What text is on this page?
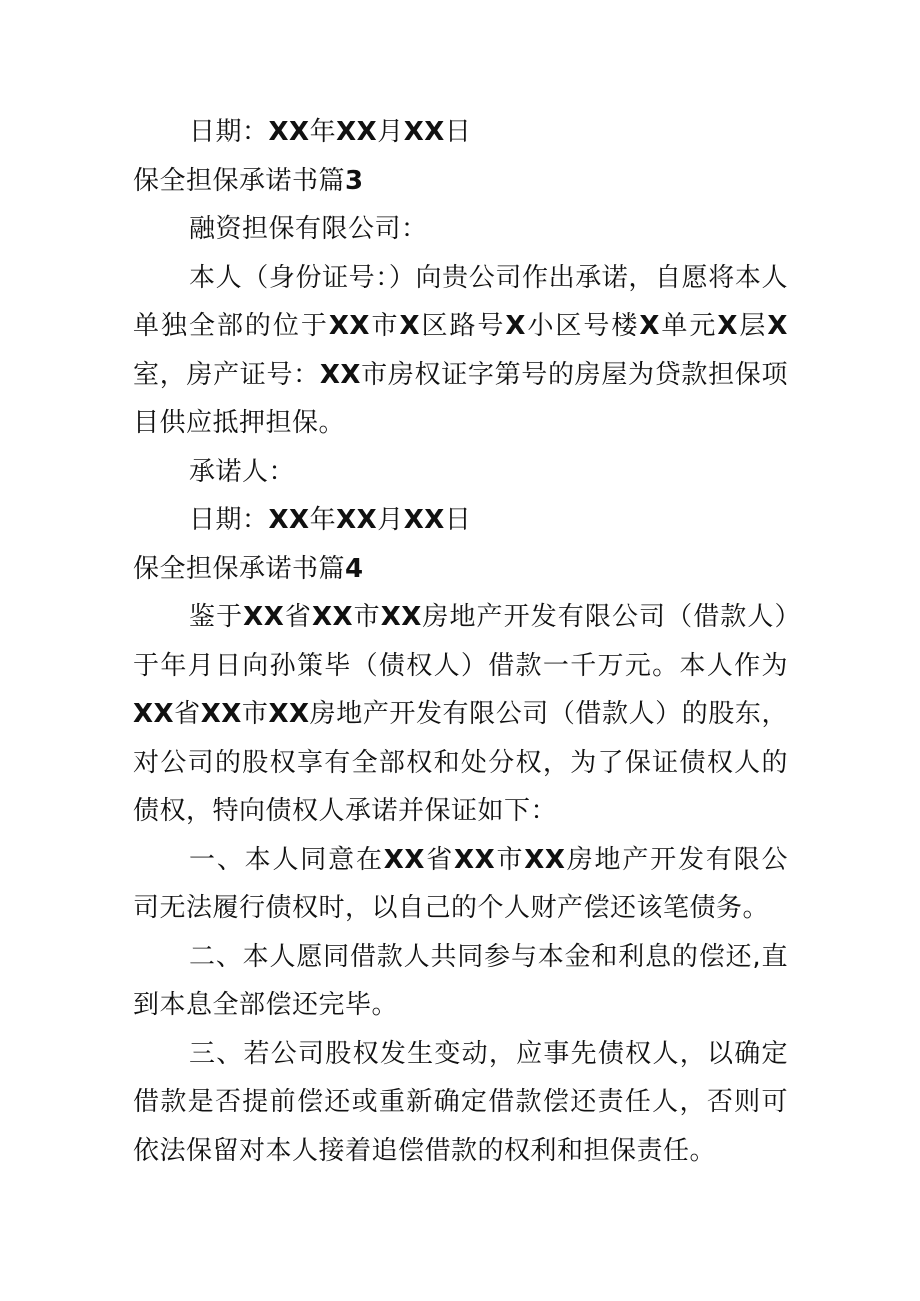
日期：XX年XX月XX日
保全担保承诺书篇3
融资担保有限公司：
本人（身份证号：）向贵公司作出承诺，自愿将本人单独全部的位于XX市X区路号X小区号楼X单元X层X室，房产证号：XX市房权证字第号的房屋为贷款担保项目供应抵押担保。
承诺人：
日期：XX年XX月XX日
保全担保承诺书篇4
鉴于XX省XX市XX房地产开发有限公司（借款人）于年月日向孙策毕（债权人）借款一千万元。本人作为XX省XX市XX房地产开发有限公司（借款人）的股东，对公司的股权享有全部权和处分权，为了保证债权人的债权，特向债权人承诺并保证如下：
一、本人同意在XX省XX市XX房地产开发有限公司无法履行债权时，以自己的个人财产偿还该笔债务。
二、本人愿同借款人共同参与本金和利息的偿还,直到本息全部偿还完毕。
三、若公司股权发生变动，应事先债权人，以确定借款是否提前偿还或重新确定借款偿还责任人，否则可依法保留对本人接着追偿借款的权利和担保责任。
